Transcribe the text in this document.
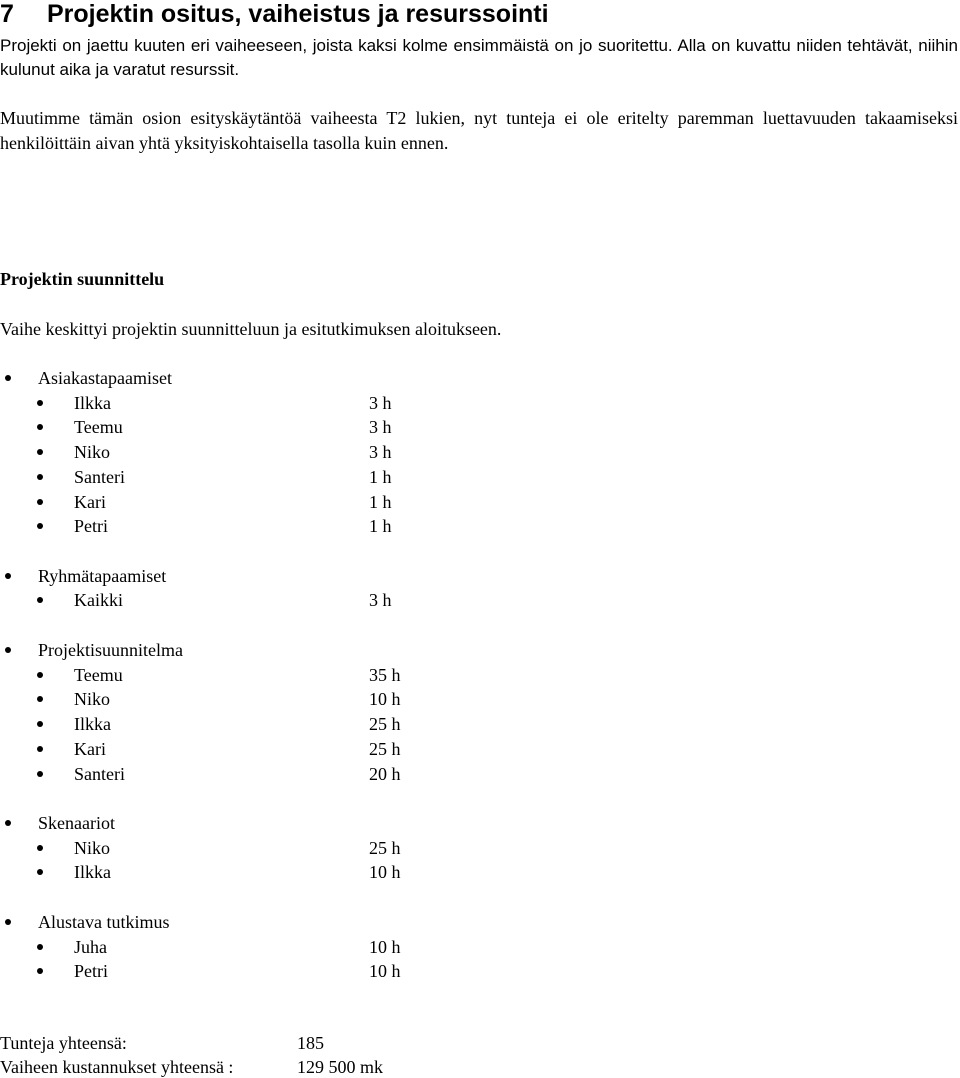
7 Projektin ositus, vaiheistus ja resurssointi

Projekti on jaettu kuuten eri vaiheeseen, joista kaksi kolme ensimmäistä on jo suoritettu. Alla on kuvattu niiden tehtävät, niihin kulunut aika ja varatut resurssit.

Muutimme tämän osion esityskäytäntöä vaiheesta T2 lukien, nyt tunteja ei ole eritelty paremman luettavuuden takaamiseksi henkilöittäin aivan yhtä yksityiskohtaisella tasolla kuin ennen.

Projektin suunnittelu

Vaihe keskittyi projektin suunnitteluun ja esitutkimuksen aloitukseen.

Asiakastapaamiset
Ilkka	3 h
Teemu	3 h
Niko	3 h
Santeri	1 h
Kari	1 h
Petri	1 h
Ryhmätapaamiset
Kaikki	3 h
Projektisuunnitelma
Teemu	35 h
Niko	10 h
Ilkka	25 h
Kari	25 h
Santeri	20 h
Skenaariot
Niko	25 h
Ilkka	10 h
Alustava tutkimus
Juha	10 h
Petri	10 h
Tunteja yhteensä:	185
Vaiheen kustannukset yhteensä :	129 500 mk
